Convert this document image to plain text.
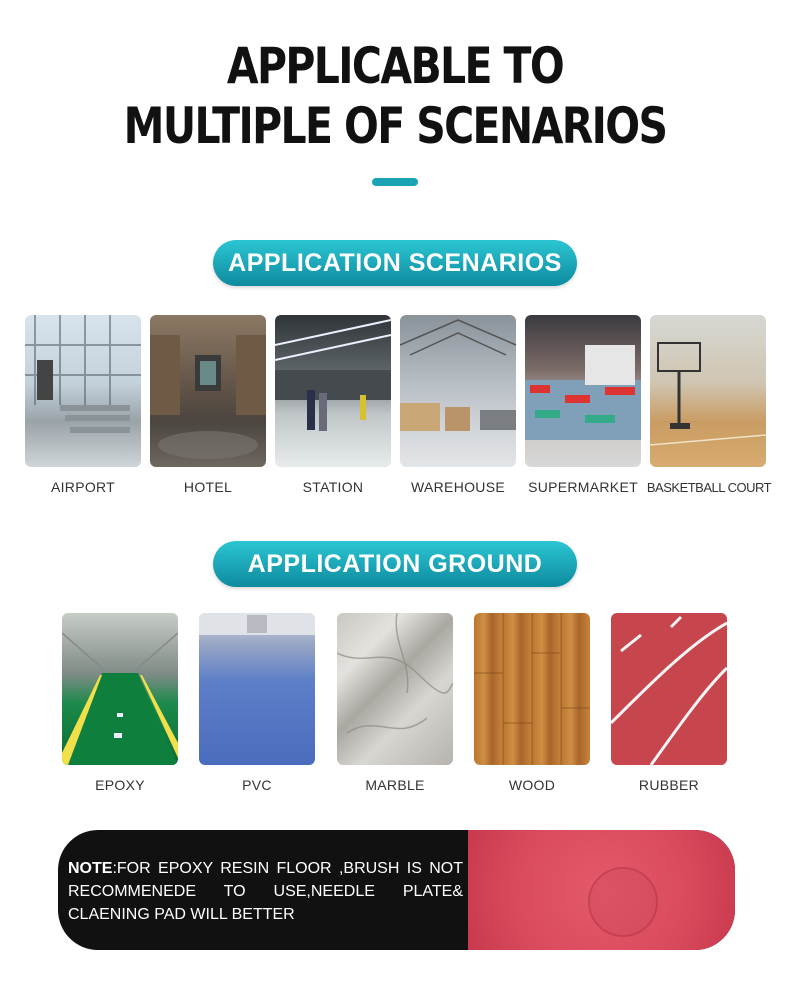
APPLICABLE TO
MULTIPLE OF SCENARIOS
APPLICATION SCENARIOS
AIRPORT	HOTEL	STATION	WAREHOUSE	SUPERMARKET BASKETBALL COURT
APPLICATION GROUND
EPOXY	PVC	MARBLE	WOOD	RUBBER
NOTE:FOR EPOXY RESIN FLOOR ,BRUSH IS NOT RECOMMENEDE TO USE,NEEDLE PLATE& CLAENING PAD WILL BETTER
